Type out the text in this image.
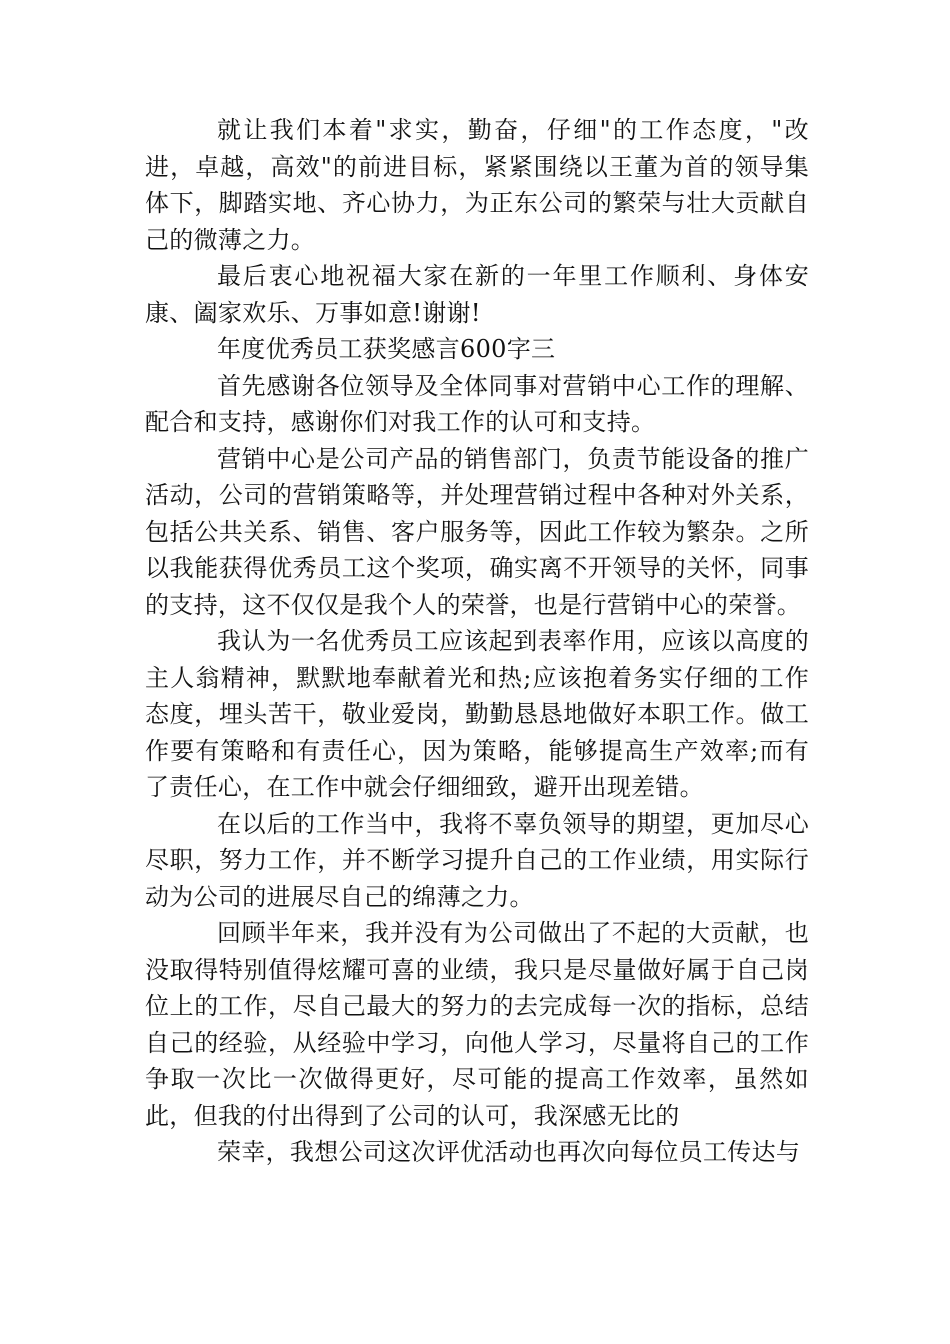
就让我们本着"求实，勤奋，仔细"的工作态度，"改进，卓越，高效"的前进目标，紧紧围绕以王董为首的领导集体下，脚踏实地、齐心协力，为正东公司的繁荣与壮大贡献自己的微薄之力。

最后衷心地祝福大家在新的一年里工作顺利、身体安康、阖家欢乐、万事如意!谢谢!

年度优秀员工获奖感言600字三

首先感谢各位领导及全体同事对营销中心工作的理解、配合和支持，感谢你们对我工作的认可和支持。

营销中心是公司产品的销售部门，负责节能设备的推广活动，公司的营销策略等，并处理营销过程中各种对外关系，包括公共关系、销售、客户服务等，因此工作较为繁杂。之所以我能获得优秀员工这个奖项，确实离不开领导的关怀，同事的支持，这不仅仅是我个人的荣誉，也是行营销中心的荣誉。

我认为一名优秀员工应该起到表率作用，应该以高度的主人翁精神，默默地奉献着光和热;应该抱着务实仔细的工作态度，埋头苦干，敬业爱岗，勤勤恳恳地做好本职工作。做工作要有策略和有责任心，因为策略，能够提高生产效率;而有了责任心，在工作中就会仔细细致，避开出现差错。

在以后的工作当中，我将不辜负领导的期望，更加尽心尽职，努力工作，并不断学习提升自己的工作业绩，用实际行动为公司的进展尽自己的绵薄之力。

回顾半年来，我并没有为公司做出了不起的大贡献，也没取得特别值得炫耀可喜的业绩，我只是尽量做好属于自己岗位上的工作，尽自己最大的努力的去完成每一次的指标，总结自己的经验，从经验中学习，向他人学习，尽量将自己的工作争取一次比一次做得更好，尽可能的提高工作效率，虽然如此，但我的付出得到了公司的认可，我深感无比的

荣幸，我想公司这次评优活动也再次向每位员工传达与
